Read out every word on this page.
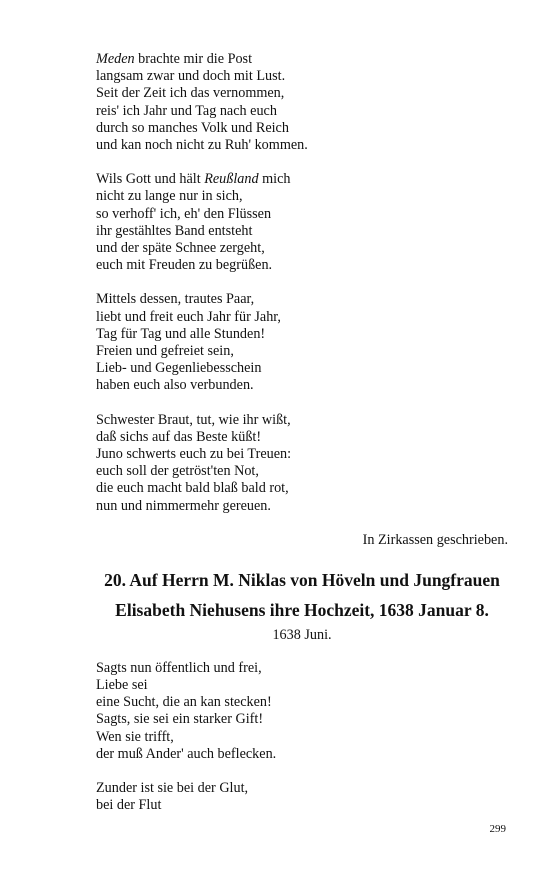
Meden brachte mir die Post
langsam zwar und doch mit Lust.
Seit der Zeit ich das vernommen,
reis' ich Jahr und Tag nach euch
durch so manches Volk und Reich
und kan noch nicht zu Ruh' kommen.
Wils Gott und hält Reußland mich
nicht zu lange nur in sich,
so verhoff' ich, eh' den Flüssen
ihr gestähltes Band entsteht
und der späte Schnee zergeht,
euch mit Freuden zu begrüßen.
Mittels dessen, trautes Paar,
liebt und freit euch Jahr für Jahr,
Tag für Tag und alle Stunden!
Freien und gefreiet sein,
Lieb- und Gegenliebesschein
haben euch also verbunden.
Schwester Braut, tut, wie ihr wißt,
daß sichs auf das Beste küßt!
Juno schwerts euch zu bei Treuen:
euch soll der getröst'ten Not,
die euch macht bald blaß bald rot,
nun und nimmermehr gereuen.
In Zirkassen geschrieben.
20. Auf Herrn M. Niklas von Höveln und Jungfrauen
Elisabeth Niehusens ihre Hochzeit, 1638 Januar 8.
1638 Juni.
Sagts nun öffentlich und frei,
Liebe sei
eine Sucht, die an kan stecken!
Sagts, sie sei ein starker Gift!
Wen sie trifft,
der muß Ander' auch beflecken.
Zunder ist sie bei der Glut,
bei der Flut
299
